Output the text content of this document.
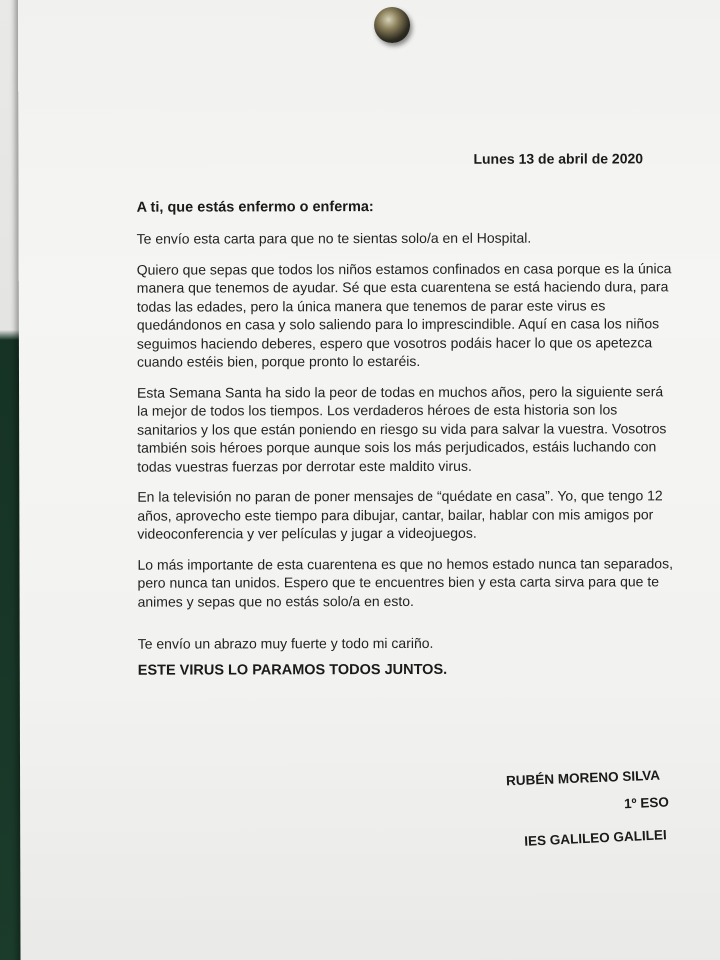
Lunes 13 de abril de 2020
A ti, que estás enfermo o enferma:

Te envío esta carta para que no te sientas solo/a en el Hospital.

Quiero que sepas que todos los niños estamos confinados en casa porque es la única manera que tenemos de ayudar. Sé que esta cuarentena se está haciendo dura, para todas las edades, pero la única manera que tenemos de parar este virus es quedándonos en casa y solo saliendo para lo imprescindible. Aquí en casa los niños seguimos haciendo deberes, espero que vosotros podáis hacer lo que os apetezca cuando estéis bien, porque pronto lo estaréis.

Esta Semana Santa ha sido la peor de todas en muchos años, pero la siguiente será la mejor de todos los tiempos. Los verdaderos héroes de esta historia son los sanitarios y los que están poniendo en riesgo su vida para salvar la vuestra. Vosotros también sois héroes porque aunque sois los más perjudicados, estáis luchando con todas vuestras fuerzas por derrotar este maldito virus.

En la televisión no paran de poner mensajes de “quédate en casa”. Yo, que tengo 12 años, aprovecho este tiempo para dibujar, cantar, bailar, hablar con mis amigos por videoconferencia y ver películas y jugar a videojuegos.

Lo más importante de esta cuarentena es que no hemos estado nunca tan separados, pero nunca tan unidos. Espero que te encuentres bien y esta carta sirva para que te animes y sepas que no estás solo/a en esto.

Te envío un abrazo muy fuerte y todo mi cariño.
ESTE VIRUS LO PARAMOS TODOS JUNTOS.
RUBÉN MORENO SILVA
1º ESO
IES GALILEO GALILEI
